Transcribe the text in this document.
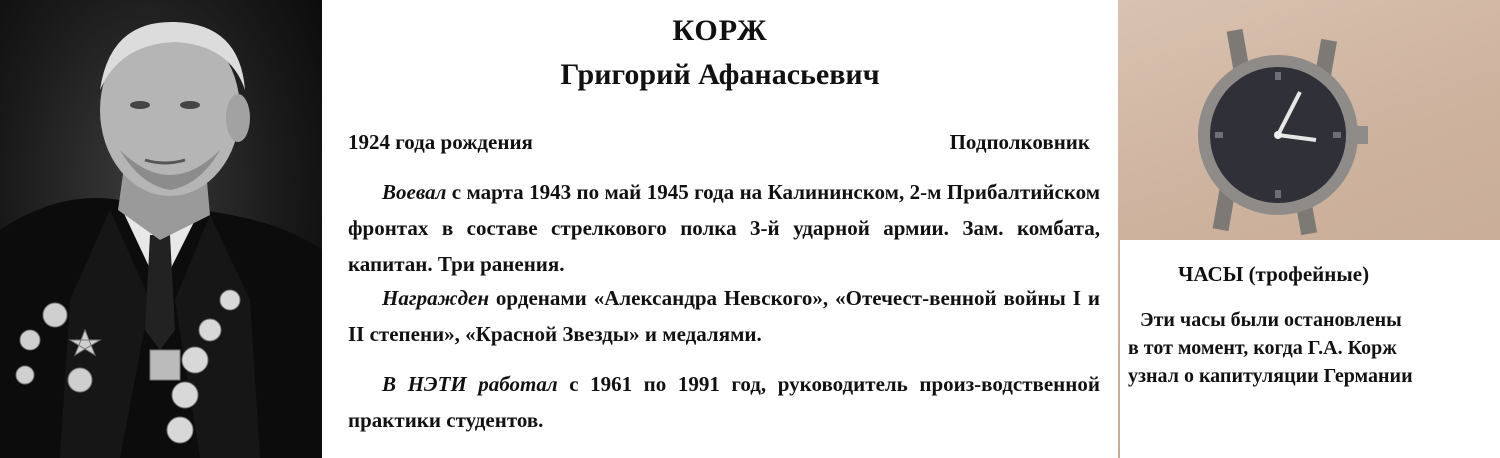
КОРЖ
Григорий Афанасьевич
1924 года рождения	Подполковник
Воевал с марта 1943 по май 1945 года на Калининском, 2-м Прибалтийском фронтах в составе стрелкового полка 3-й ударной армии. Зам. комбата, капитан. Три ранения.
Награжден орденами «Александра Невского», «Отечест-венной войны I и II степени», «Красной Звезды» и медалями.
В НЭТИ работал с 1961 по 1991 год, руководитель произ-водственной практики студентов.
ЧАСЫ (трофейные)
Эти часы были остановлены
в тот момент, когда Г.А. Корж
узнал о капитуляции Германии
